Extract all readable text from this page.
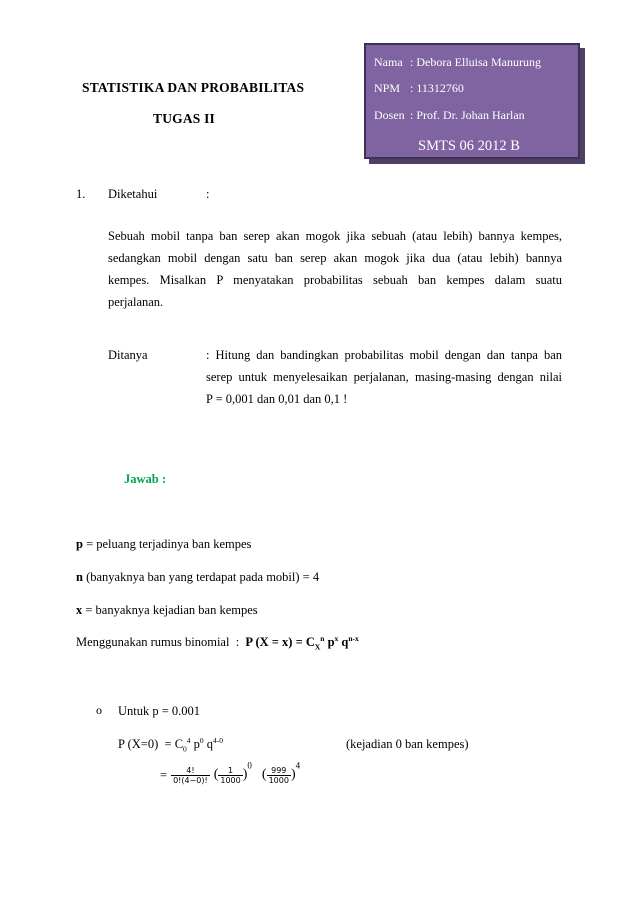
STATISTIKA DAN PROBABILITAS
TUGAS II
Nama : Debora Elluisa Manurung
NPM : 11312760
Dosen : Prof. Dr. Johan Harlan
SMTS 06 2012 B
1. Diketahui	:
Sebuah mobil tanpa ban serep akan mogok jika sebuah (atau lebih) bannya kempes,
sedangkan mobil dengan satu ban serep akan mogok jika dua (atau lebih) bannya
kempes. Misalkan P menyatakan probabilitas sebuah ban kempes dalam suatu
perjalanan.
Ditanya	: Hitung dan bandingkan probabilitas mobil dengan dan tanpa ban
serep untuk menyelesaikan perjalanan, masing-masing dengan nilai
P = 0,001 dan 0,01 dan 0,1 !
Jawab :
p = peluang terjadinya ban kempes
n (banyaknya ban yang terdapat pada mobil) = 4
x = banyaknya kejadian ban kempes
Menggunakan rumus binomial  :  P $(X = x) = C_X^n$ $p^x$ $q^{n-x}$
o Untuk p = 0.001
P $(X=0) = C_0^4$ $p^0$ $q^{4-0}$	(kejadian 0 ban kempes)
= $\frac{4!}{0!(4-0)!}$ ( $\frac{1}{1000} )^0$ ( $\frac{999}{1000} )^4$
